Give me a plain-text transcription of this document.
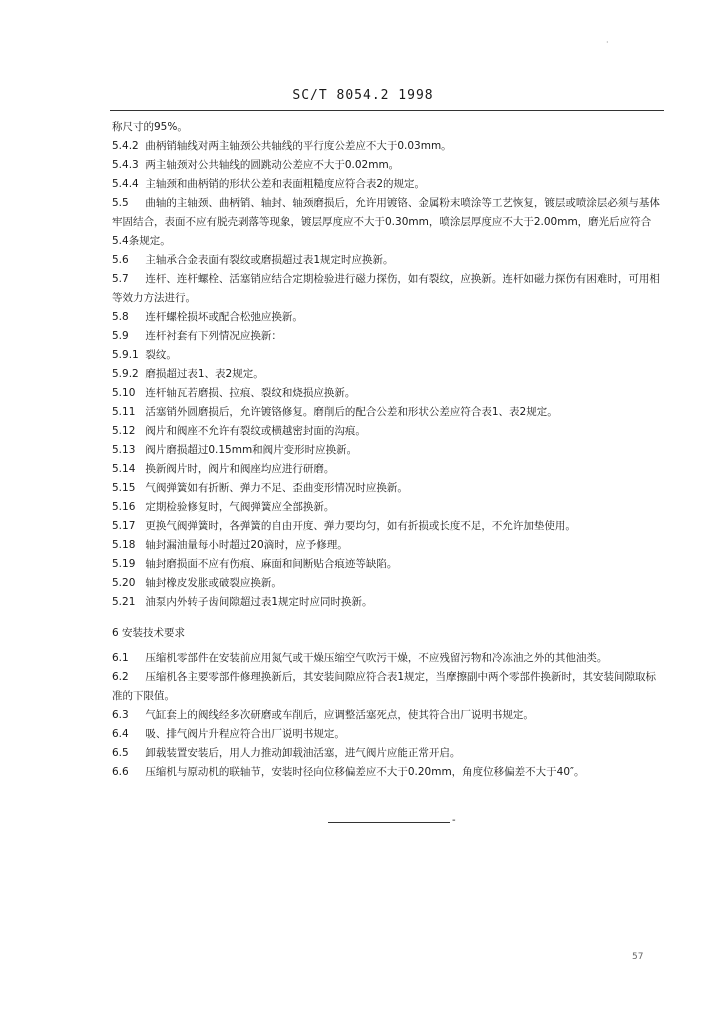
·
SC/T 8054.2 1998
称尺寸的95%。
5.4.2 曲柄销轴线对两主轴颈公共轴线的平行度公差应不大于0.03mm。
5.4.3 两主轴颈对公共轴线的圆跳动公差应不大于0.02mm。
5.4.4 主轴颈和曲柄销的形状公差和表面粗糙度应符合表2的规定。
5.5 曲轴的主轴颈、曲柄销、轴封、轴颈磨损后，允许用镀铬、金属粉末喷涂等工艺恢复，镀层或喷涂层必须与基体牢固结合，表面不应有脱壳剥落等现象，镀层厚度应不大于0.30mm，喷涂层厚度应不大于2.00mm，磨光后应符合5.4条规定。
5.6 主轴承合金表面有裂纹或磨损超过表1规定时应换新。
5.7 连杆、连杆螺栓、活塞销应结合定期检验进行磁力探伤，如有裂纹，应换新。连杆如磁力探伤有困难时，可用相等效力方法进行。
5.8 连杆螺栓损坏或配合松弛应换新。
5.9 连杆衬套有下列情况应换新：
5.9.1 裂纹。
5.9.2 磨损超过表1、表2规定。
5.10 连杆轴瓦若磨损、拉痕、裂纹和烧损应换新。
5.11 活塞销外圆磨损后，允许镀铬修复。磨削后的配合公差和形状公差应符合表1、表2规定。
5.12 阀片和阀座不允许有裂纹或横越密封面的沟痕。
5.13 阀片磨损超过0.15mm和阀片变形时应换新。
5.14 换新阀片时，阀片和阀座均应进行研磨。
5.15 气阀弹簧如有折断、弹力不足、歪曲变形情况时应换新。
5.16 定期检验修复时，气阀弹簧应全部换新。
5.17 更换气阀弹簧时，各弹簧的自由开度、弹力要均匀，如有折损或长度不足，不允许加垫使用。
5.18 轴封漏油量每小时超过20滴时，应予修理。
5.19 轴封磨损面不应有伤痕、麻面和间断贴合痕迹等缺陷。
5.20 轴封橡皮发胀或破裂应换新。
5.21 油泵内外转子齿间隙超过表1规定时应同时换新。
6 安装技术要求
6.1 压缩机零部件在安装前应用氮气或干燥压缩空气吹污干燥，不应残留污物和冷冻油之外的其他油类。
6.2 压缩机各主要零部件修理换新后，其安装间隙应符合表1规定，当摩擦副中两个零部件换新时，其安装间隙取标准的下限值。
6.3 气缸套上的阀线经多次研磨或车削后，应调整活塞死点，使其符合出厂说明书规定。
6.4 吸、排气阀片升程应符合出厂说明书规定。
6.5 卸载装置安装后，用人力推动卸载油活塞，进气阀片应能正常开启。
6.6 压缩机与原动机的联轴节，安装时径向位移偏差应不大于0.20mm，角度位移偏差不大于40″。
-
57
